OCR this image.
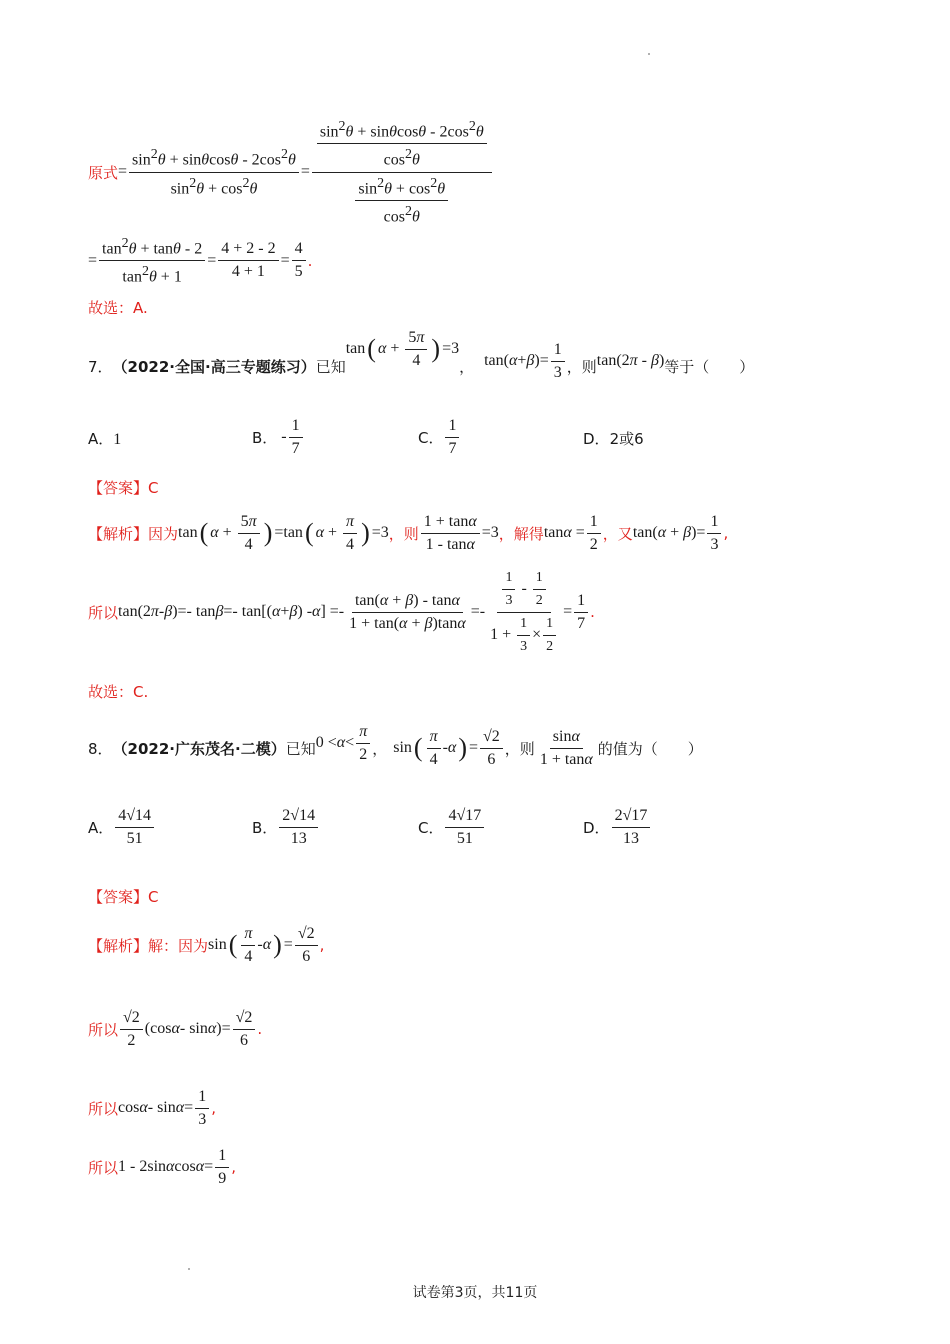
原式 = $\frac{\sin^2\theta + \sin\theta\cos\theta - 2\cos^2\theta}{\sin^2\theta + \cos^2\theta} = \frac{\frac{\sin^2\theta + \sin\theta\cos\theta - 2\cos^2\theta}{\cos^2\theta}}{\frac{\sin^2\theta + \cos^2\theta}{\cos^2\theta}}$
= $\frac{\tan^2\theta + \tan\theta - 2}{\tan^2\theta + 1} = \frac{4 + 2 - 2}{4 + 1} = \frac{4}{5}$ .
故选：A.
7． （2022·全国·高三专题练习） 已知
tan ( $\alpha + \frac{5\pi}{4}$ ) =3
， tan( α + β )= $\frac{1}{3}$ ，则 tan(2π - β) 等于（　　）
A．1	B． - $\frac{1}{7}$	C． $\frac{1}{7}$	D．2或6
【答案】C
【解析】因为 tan ( $\alpha + \frac{5\pi}{4}$ ) =tan ( $\alpha + \frac{\pi}{4}$ ) =3 ，则 $\frac{1 + \tan\alpha}{1 - \tan\alpha} =3$ ，解得 $\tan\alpha = \frac{1}{2}$ ，又 $\tan(\alpha + \beta)= \frac{1}{3}$ ,
所以 tan(2 π - β )=- tan β =- tan[( α + β ) - α ] =- $\frac{\tan(\alpha + \beta) - \tan\alpha}{1 + \tan(\alpha + \beta)\tan\alpha} =- \frac{\frac{1}{3} - \frac{1}{2}}{1 + \frac{1}{3} \times \frac{1}{2}} = \frac{1}{7}$ .
故选：C.
8． （2022·广东茂名·二模） 已知 $0 < \alpha < \frac{\pi}{2}$ ， sin ( $\frac{\pi}{4}$ - α ) = $\frac{√2}{6}$ ，则 $\frac{\sin\alpha}{1 + \tan\alpha}$ 的值为（　　）
A． $\frac{4√14}{51}$	B． $\frac{2√14}{13}$	C． $\frac{4√17}{51}$	D． $\frac{2√17}{13}$
【答案】C
【解析】解：因为 sin ( $\frac{\pi}{4}$ - α ) = $\frac{√2}{6}$ ,
所以 $\frac{√2}{2} (\cos$ α - sin α )= $\frac{√2}{6}$ .
所以 $\cos \alpha - \sin \alpha = \frac{1}{3}$ ,
所以 1 - 2sin α $\cos \alpha = \frac{1}{9}$ ,
试卷第3页，共11页
